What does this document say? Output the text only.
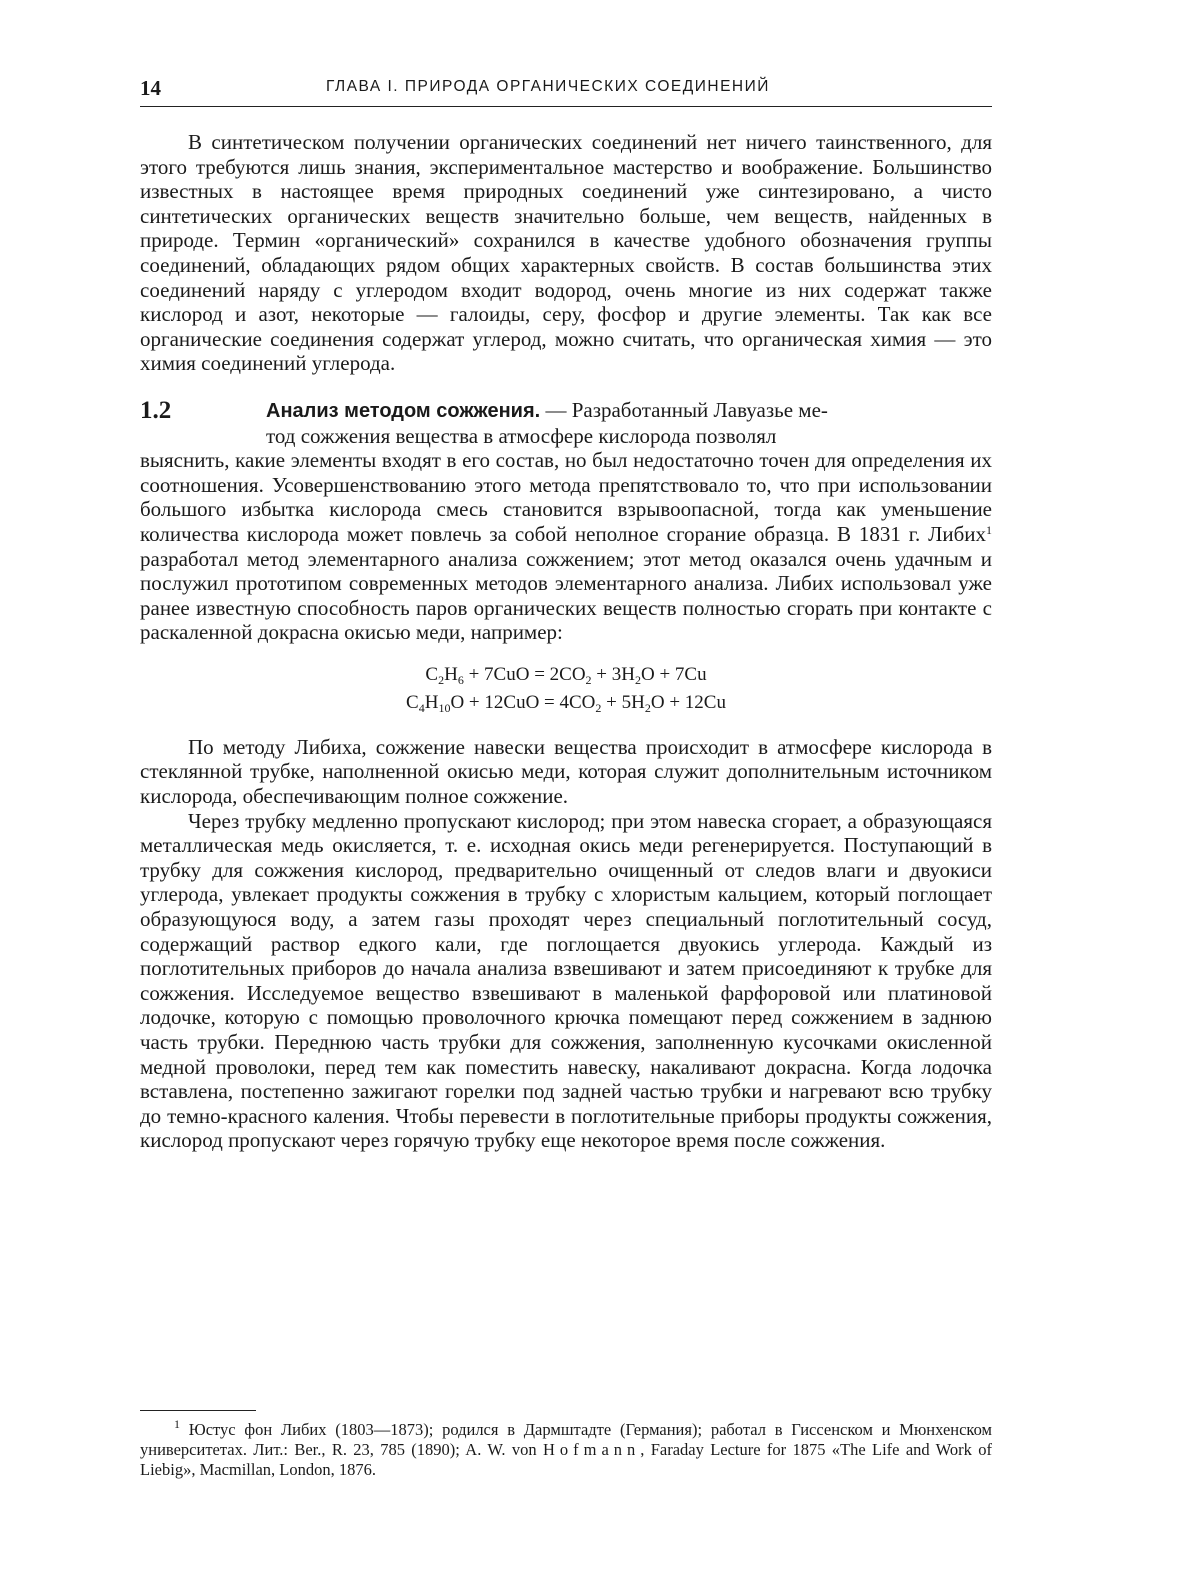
14	ГЛАВА I. ПРИРОДА ОРГАНИЧЕСКИХ СОЕДИНЕНИЙ

В синтетическом получении органических соединений нет ничего таинственного, для этого требуются лишь знания, экспериментальное мастерство и воображение. Большинство известных в настоящее время природных соединений уже синтезировано, а чисто синтетических органических веществ значительно больше, чем веществ, найденных в природе. Термин «органический» сохранился в качестве удобного обозначения группы соединений, обладающих рядом общих характерных свойств. В состав большинства этих соединений наряду с углеродом входит водород, очень многие из них содержат также кислород и азот, некоторые — галоиды, серу, фосфор и другие элементы. Так как все органические соединения содержат углерод, можно считать, что органическая химия — это химия соединений углерода.

1.2	Анализ методом сожжения. — Разработанный Лавуазье ме-

тод сожжения вещества в атмосфере кислорода позволял

выяснить, какие элементы входят в его состав, но был недостаточно точен для определения их соотношения. Усовершенствованию этого метода препятствовало то, что при использовании большого избытка кислорода смесь становится взрывоопасной, тогда как уменьшение количества кислорода может повлечь за собой неполное сгорание образца. В 1831 г. Либих$^1$ разработал метод элементарного анализа сожжением; этот метод оказался очень удачным и послужил прототипом современных методов элементарного анализа. Либих использовал уже ранее известную способность паров органических веществ полностью сгорать при контакте с раскаленной докрасна окисью меди, например:

$C_2H_6 + 7CuO = 2CO_2 + 3H_2O + 7Cu$
$C_4H_{10}O + 12CuO = 4CO_2 + 5H_2O + 12Cu$

По методу Либиха, сожжение навески вещества происходит в атмосфере кислорода в стеклянной трубке, наполненной окисью меди, которая служит дополнительным источником кислорода, обеспечивающим полное сожжение.

Через трубку медленно пропускают кислород; при этом навеска сгорает, а образующаяся металлическая медь окисляется, т. е. исходная окись меди регенерируется. Поступающий в трубку для сожжения кислород, предварительно очищенный от следов влаги и двуокиси углерода, увлекает продукты сожжения в трубку с хлористым кальцием, который поглощает образующуюся воду, а затем газы проходят через специальный поглотительный сосуд, содержащий раствор едкого кали, где поглощается двуокись углерода. Каждый из поглотительных приборов до начала анализа взвешивают и затем присоединяют к трубке для сожжения. Исследуемое вещество взвешивают в маленькой фарфоровой или платиновой лодочке, которую с помощью проволочного крючка помещают перед сожжением в заднюю часть трубки. Переднюю часть трубки для сожжения, заполненную кусочками окисленной медной проволоки, перед тем как поместить навеску, накаливают докрасна. Когда лодочка вставлена, постепенно зажигают горелки под задней частью трубки и нагревают всю трубку до темно-красного каления. Чтобы перевести в поглотительные приборы продукты сожжения, кислород пропускают через горячую трубку еще некоторое время после сожжения.

$^1$ Юстус фон Либих (1803—1873); родился в Дармштадте (Германия); работал в Гиссенском и Мюнхенском университетах. Лит.: Ber., R. 23, 785 (1890); A. W. von Hofmann, Faraday Lecture for 1875 «The Life and Work of Liebig», Macmillan, London, 1876.
